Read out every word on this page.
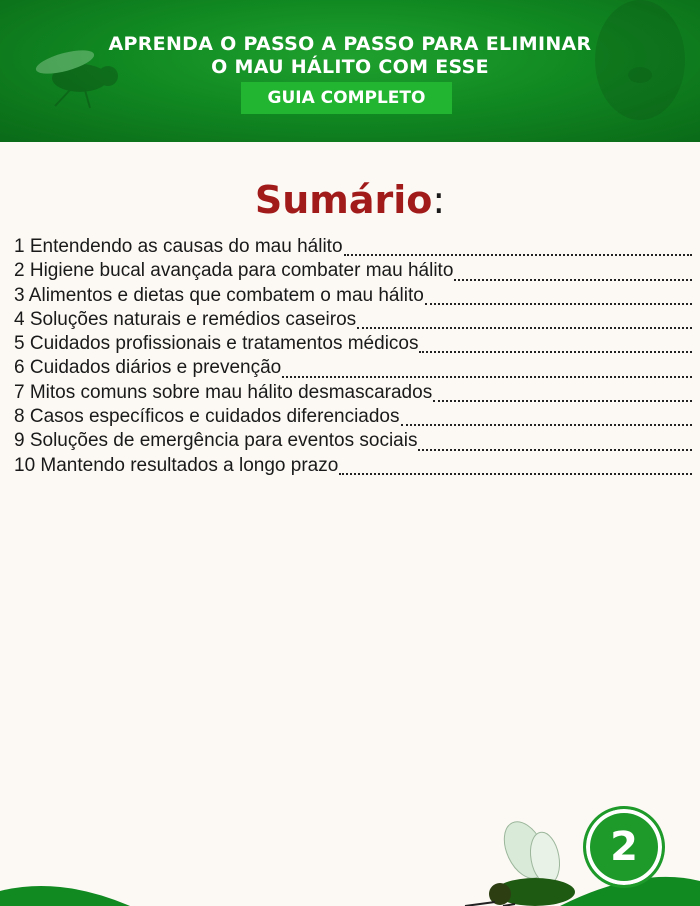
APRENDA O PASSO A PASSO PARA ELIMINAR
O MAU HÁLITO COM ESSE
GUIA COMPLETO
Sumário:
1 Entendendo as causas do mau hálito
2 Higiene bucal avançada para combater mau hálito
3 Alimentos e dietas que combatem o mau hálito
4 Soluções naturais e remédios caseiros
5 Cuidados profissionais e tratamentos médicos
6 Cuidados diários e prevenção
7 Mitos comuns sobre mau hálito desmascarados
8 Casos específicos e cuidados diferenciados
9 Soluções de emergência para eventos sociais
10 Mantendo resultados a longo prazo
2
